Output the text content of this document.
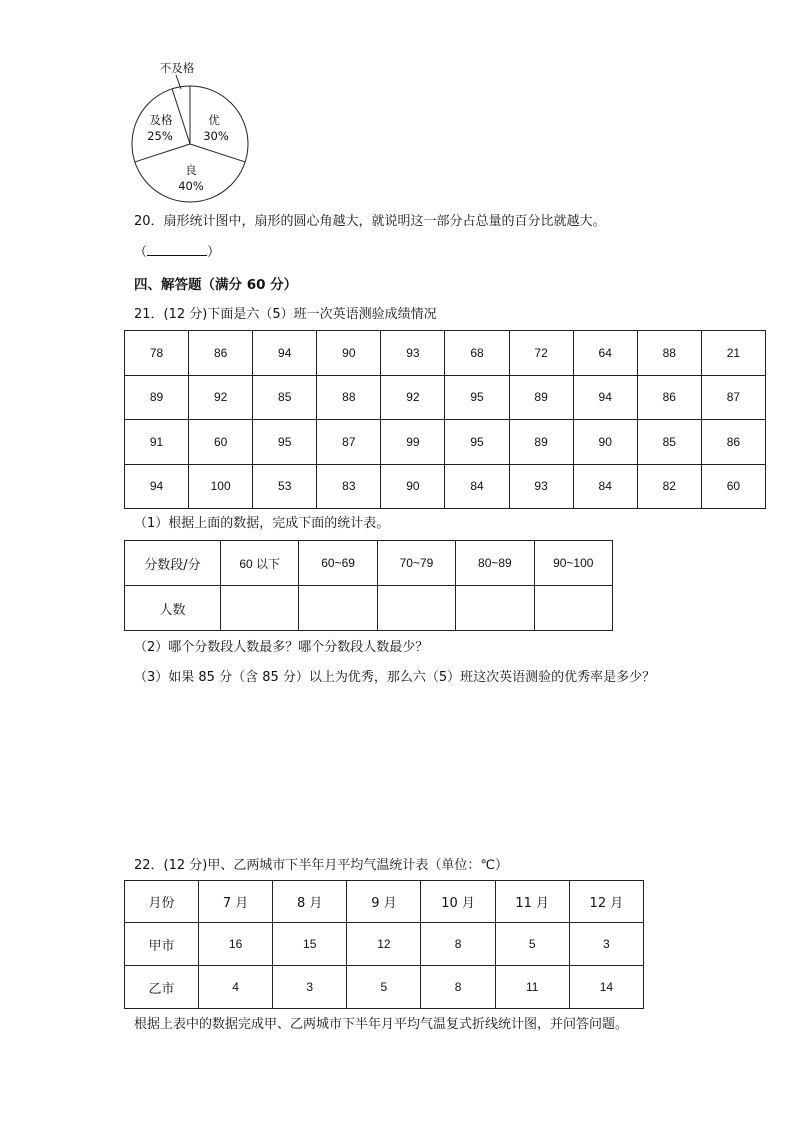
不及格
优
30%
良
40%
及格
25%
20．扇形统计图中，扇形的圆心角越大，就说明这一部分占总量的百分比就越大。
（	）
四、解答题（满分 60 分）
21．(12 分)下面是六（5）班一次英语测验成绩情况
78	86	94	90	93	68	72	64	88	21
89	92	85	88	92	95	89	94	86	87
91	60	95	87	99	95	89	90	85	86
94	100	53	83	90	84	93	84	82	60
（1）根据上面的数据，完成下面的统计表。
分数段/分	60 以下	60~69	70~79	80~89	90~100
人数					
（2）哪个分数段人数最多？哪个分数段人数最少？
（3）如果 85 分（含 85 分）以上为优秀，那么六（5）班这次英语测验的优秀率是多少？
22．(12 分)甲、乙两城市下半年月平均气温统计表（单位：℃）
月份	7 月	8 月	9 月	10 月	11 月	12 月
甲市	16	15	12	8	5	3
乙市	4	3	5	8	11	14
根据上表中的数据完成甲、乙两城市下半年月平均气温复式折线统计图，并问答问题。
